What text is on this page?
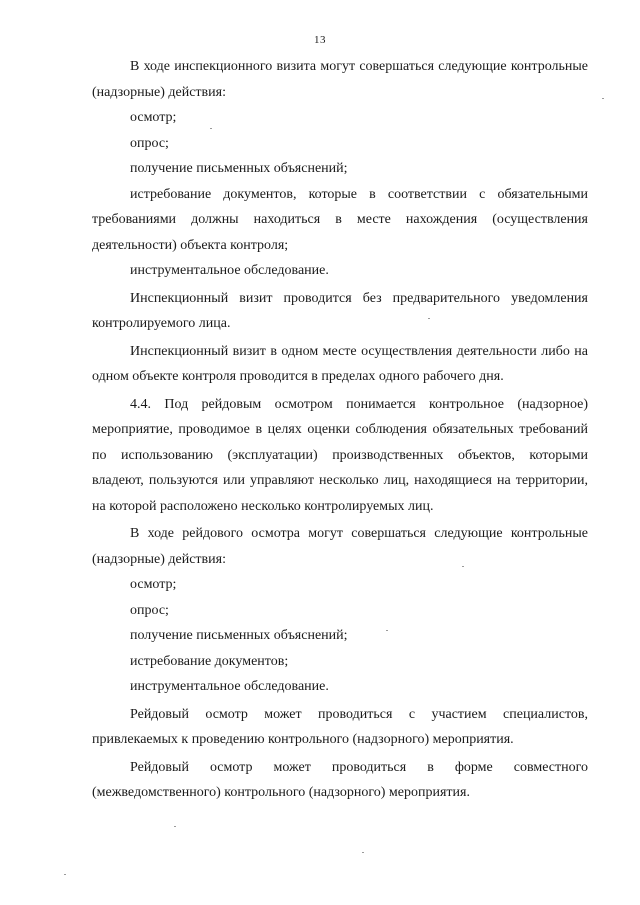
13

В ходе инспекционного визита могут совершаться следующие контрольные (надзорные) действия:

осмотр;

опрос;

получение письменных объяснений;

истребование документов, которые в соответствии с обязательными требованиями должны находиться в месте нахождения (осуществления деятельности) объекта контроля;

инструментальное обследование.

Инспекционный визит проводится без предварительного уведомления контролируемого лица.

Инспекционный визит в одном месте осуществления деятельности либо на одном объекте контроля проводится в пределах одного рабочего дня.

4.4. Под рейдовым осмотром понимается контрольное (надзорное) мероприятие, проводимое в целях оценки соблюдения обязательных требований по использованию (эксплуатации) производственных объектов, которыми владеют, пользуются или управляют несколько лиц, находящиеся на территории, на которой расположено несколько контролируемых лиц.

В ходе рейдового осмотра могут совершаться следующие контрольные (надзорные) действия:

осмотр;

опрос;

получение письменных объяснений;

истребование документов;

инструментальное обследование.

Рейдовый осмотр может проводиться с участием специалистов, привлекаемых к проведению контрольного (надзорного) мероприятия.

Рейдовый осмотр может проводиться в форме совместного (межведомственного) контрольного (надзорного) мероприятия.
